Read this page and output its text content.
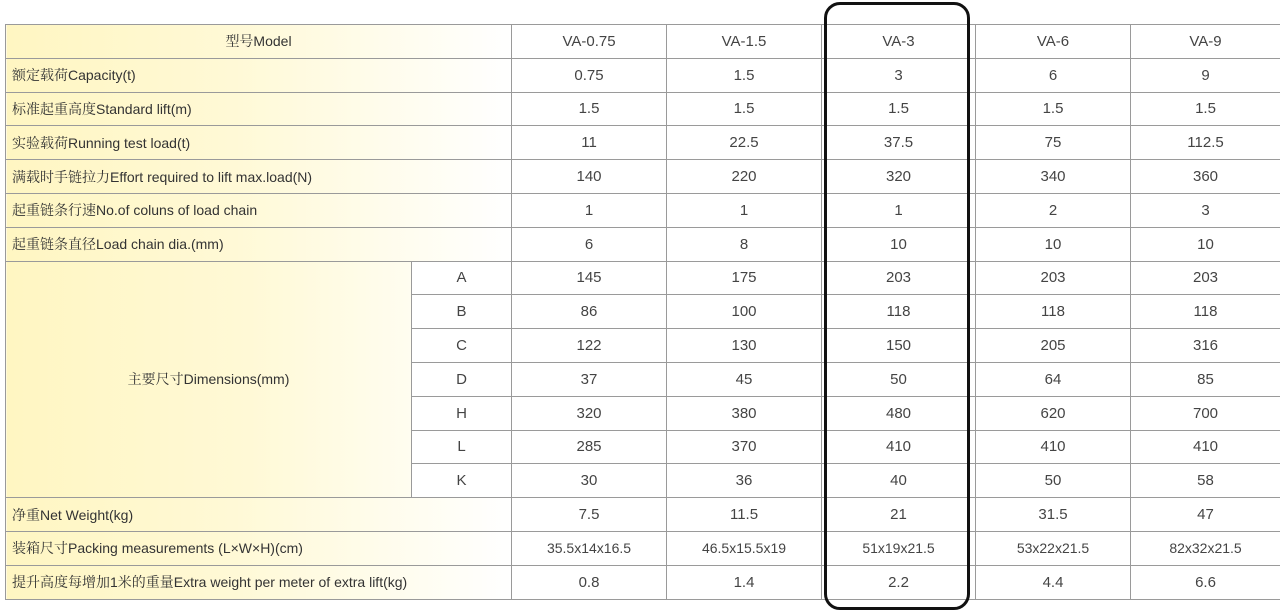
型号Model		VA-0.75	VA-1.5	VA-3	VA-6	VA-9
额定载荷Capacity(t)		0.75	1.5	3	6	9
标准起重高度Standard lift(m)		1.5	1.5	1.5	1.5	1.5
实验载荷Running test load(t)		11	22.5	37.5	75	112.5
满载时手链拉力Effort required to lift max.load(N)		140	220	320	340	360
起重链条行速No.of coluns of load chain		1	1	1	2	3
起重链条直径Load chain dia.(mm)		6	8	10	10	10
主要尺寸Dimensions(mm)	A	145	175	203	203	203
	B	86	100	118	118	118
	C	122	130	150	205	316
	D	37	45	50	64	85
	H	320	380	480	620	700
	L	285	370	410	410	410
	K	30	36	40	50	58
净重Net Weight(kg)		7.5	11.5	21	31.5	47
装箱尺寸Packing measurements (L×W×H)(cm)		35.5x14x16.5	46.5x15.5x19	51x19x21.5	53x22x21.5	82x32x21.5
提升高度每增加1米的重量Extra weight per meter of extra lift(kg)		0.8	1.4	2.2	4.4	6.6
